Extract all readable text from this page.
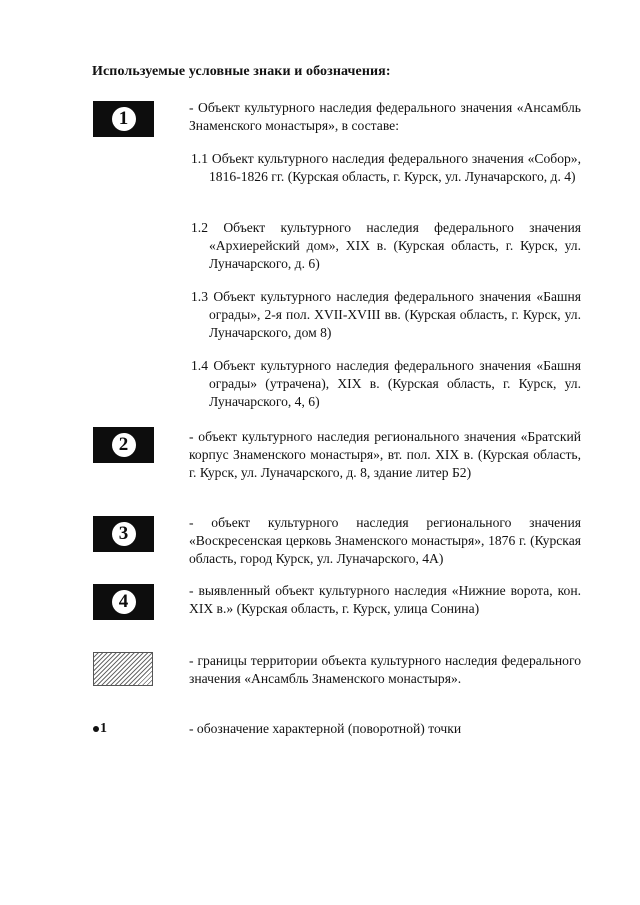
Используемые условные знаки и обозначения:
1
- Объект культурного наследия федерального значения «Ансамбль Знаменского монастыря», в составе:
1.1 Объект культурного наследия федерального значения «Собор», 1816-1826 гг. (Курская область, г. Курск, ул. Луначарского, д. 4)
1.2 Объект культурного наследия федерального значения «Архиерейский дом», XIX в. (Курская область, г. Курск, ул. Луначарского, д. 6)
1.3 Объект культурного наследия федерального значения «Башня ограды», 2-я пол. XVII-XVIII вв. (Курская область, г. Курск, ул. Луначарского, дом 8)
1.4 Объект культурного наследия федерального значения «Башня ограды» (утрачена), XIX в. (Курская область, г. Курск, ул. Луначарского, 4, 6)
2	- объект культурного наследия регионального значения «Братский корпус Знаменского монастыря», вт. пол. XIX в. (Курская область, г. Курск, ул. Луначарского, д. 8, здание литер Б2)
3
- объект культурного наследия регионального значения «Воскресенская церковь Знаменского монастыря», 1876 г. (Курская область, город Курск, ул. Луначарского, 4А)
4
- выявленный объект культурного наследия «Нижние ворота, кон. XIX в.» (Курская область, г. Курск, улица Сонина)
- границы территории объекта культурного наследия федерального значения «Ансамбль Знаменского монастыря».
1	- обозначение характерной (поворотной) точки
